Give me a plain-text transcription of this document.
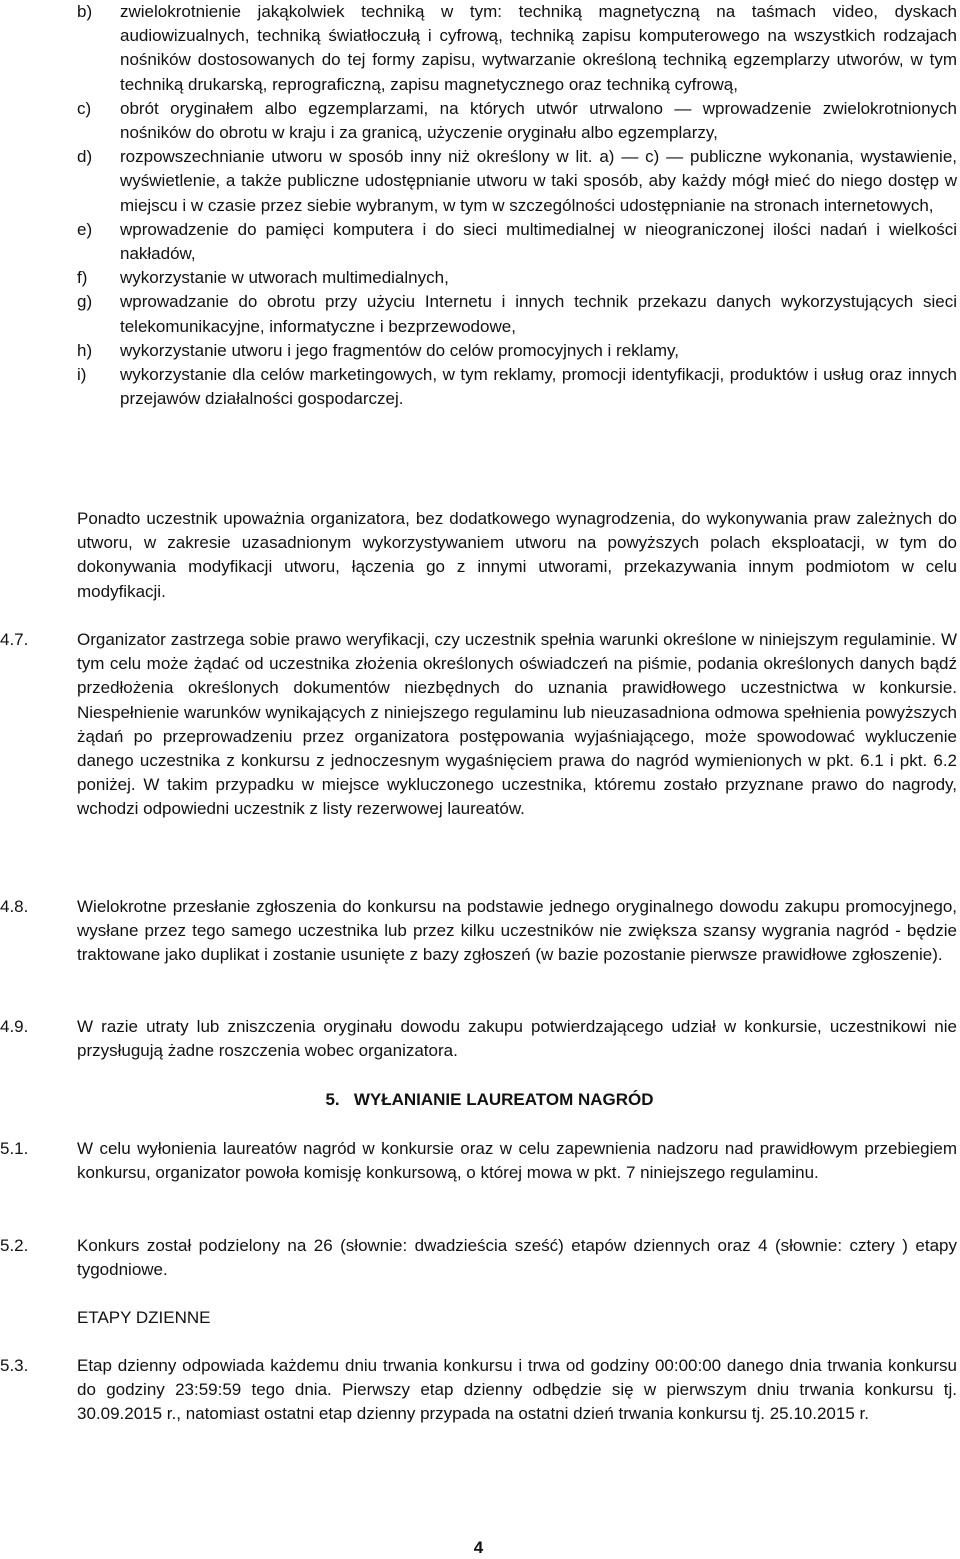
b)	zwielokrotnienie jakąkolwiek techniką w tym: techniką magnetyczną na taśmach video, dyskach audiowizualnych, techniką światłoczułą i cyfrową, techniką zapisu komputerowego na wszystkich rodzajach nośników dostosowanych do tej formy zapisu, wytwarzanie określoną techniką egzemplarzy utworów, w tym techniką drukarską, reprograficzną, zapisu magnetycznego oraz techniką cyfrową,
c)	obrót oryginałem albo egzemplarzami, na których utwór utrwalono ― wprowadzenie zwielokrotnionych nośników do obrotu w kraju i za granicą, użyczenie oryginału albo egzemplarzy,
d)	rozpowszechnianie utworu w sposób inny niż określony w lit. a) ― c) ― publiczne wykonania, wystawienie, wyświetlenie, a także publiczne udostępnianie utworu w taki sposób, aby każdy mógł mieć do niego dostęp w miejscu i w czasie przez siebie wybranym, w tym w szczególności udostępnianie na stronach internetowych,
e)	wprowadzenie do pamięci komputera i do sieci multimedialnej w nieograniczonej ilości nadań i wielkości nakładów,
f)	wykorzystanie w utworach multimedialnych,
g)	wprowadzanie do obrotu przy użyciu Internetu i innych technik przekazu danych wykorzystujących sieci telekomunikacyjne, informatyczne i bezprzewodowe,
h)	wykorzystanie utworu i jego fragmentów do celów promocyjnych i reklamy,
i)	wykorzystanie dla celów marketingowych, w tym reklamy, promocji identyfikacji, produktów i usług oraz innych przejawów działalności gospodarczej.
Ponadto uczestnik upoważnia organizatora, bez dodatkowego wynagrodzenia, do wykonywania praw zależnych do utworu, w zakresie uzasadnionym wykorzystywaniem utworu na powyższych polach eksploatacji, w tym do dokonywania modyfikacji utworu, łączenia go z innymi utworami, przekazywania innym podmiotom w celu modyfikacji.
4.7.	Organizator zastrzega sobie prawo weryfikacji, czy uczestnik spełnia warunki określone w niniejszym regulaminie. W tym celu może żądać od uczestnika złożenia określonych oświadczeń na piśmie, podania określonych danych bądź przedłożenia określonych dokumentów niezbędnych do uznania prawidłowego uczestnictwa w konkursie. Niespełnienie warunków wynikających z niniejszego regulaminu lub nieuzasadniona odmowa spełnienia powyższych żądań po przeprowadzeniu przez organizatora postępowania wyjaśniającego, może spowodować wykluczenie danego uczestnika z konkursu z jednoczesnym wygaśnięciem prawa do nagród wymienionych w pkt. 6.1 i pkt. 6.2 poniżej. W takim przypadku w miejsce wykluczonego uczestnika, któremu zostało przyznane prawo do nagrody, wchodzi odpowiedni uczestnik z listy rezerwowej laureatów.
4.8.	Wielokrotne przesłanie zgłoszenia do konkursu na podstawie jednego oryginalnego dowodu zakupu promocyjnego, wysłane przez tego samego uczestnika lub przez kilku uczestników nie zwiększa szansy wygrania nagród - będzie traktowane jako duplikat i zostanie usunięte z bazy zgłoszeń (w bazie pozostanie pierwsze prawidłowe zgłoszenie).
4.9.	W razie utraty lub zniszczenia oryginału dowodu zakupu potwierdzającego udział w konkursie, uczestnikowi nie przysługują żadne roszczenia wobec organizatora.
5.   WYŁANIANIE LAUREATOM NAGRÓD
5.1.	W celu wyłonienia laureatów nagród w konkursie oraz w celu zapewnienia nadzoru nad prawidłowym przebiegiem konkursu, organizator powoła komisję konkursową, o której mowa w pkt. 7 niniejszego regulaminu.
5.2.	Konkurs został podzielony na 26 (słownie: dwadzieścia sześć) etapów dziennych oraz 4 (słownie: cztery ) etapy tygodniowe.
ETAPY DZIENNE
5.3.	Etap dzienny odpowiada każdemu dniu trwania konkursu i trwa od godziny 00:00:00 danego dnia trwania konkursu do godziny 23:59:59 tego dnia. Pierwszy etap dzienny odbędzie się w pierwszym dniu trwania konkursu tj. 30.09.2015 r., natomiast ostatni etap dzienny przypada na ostatni dzień trwania konkursu tj. 25.10.2015 r.
4
